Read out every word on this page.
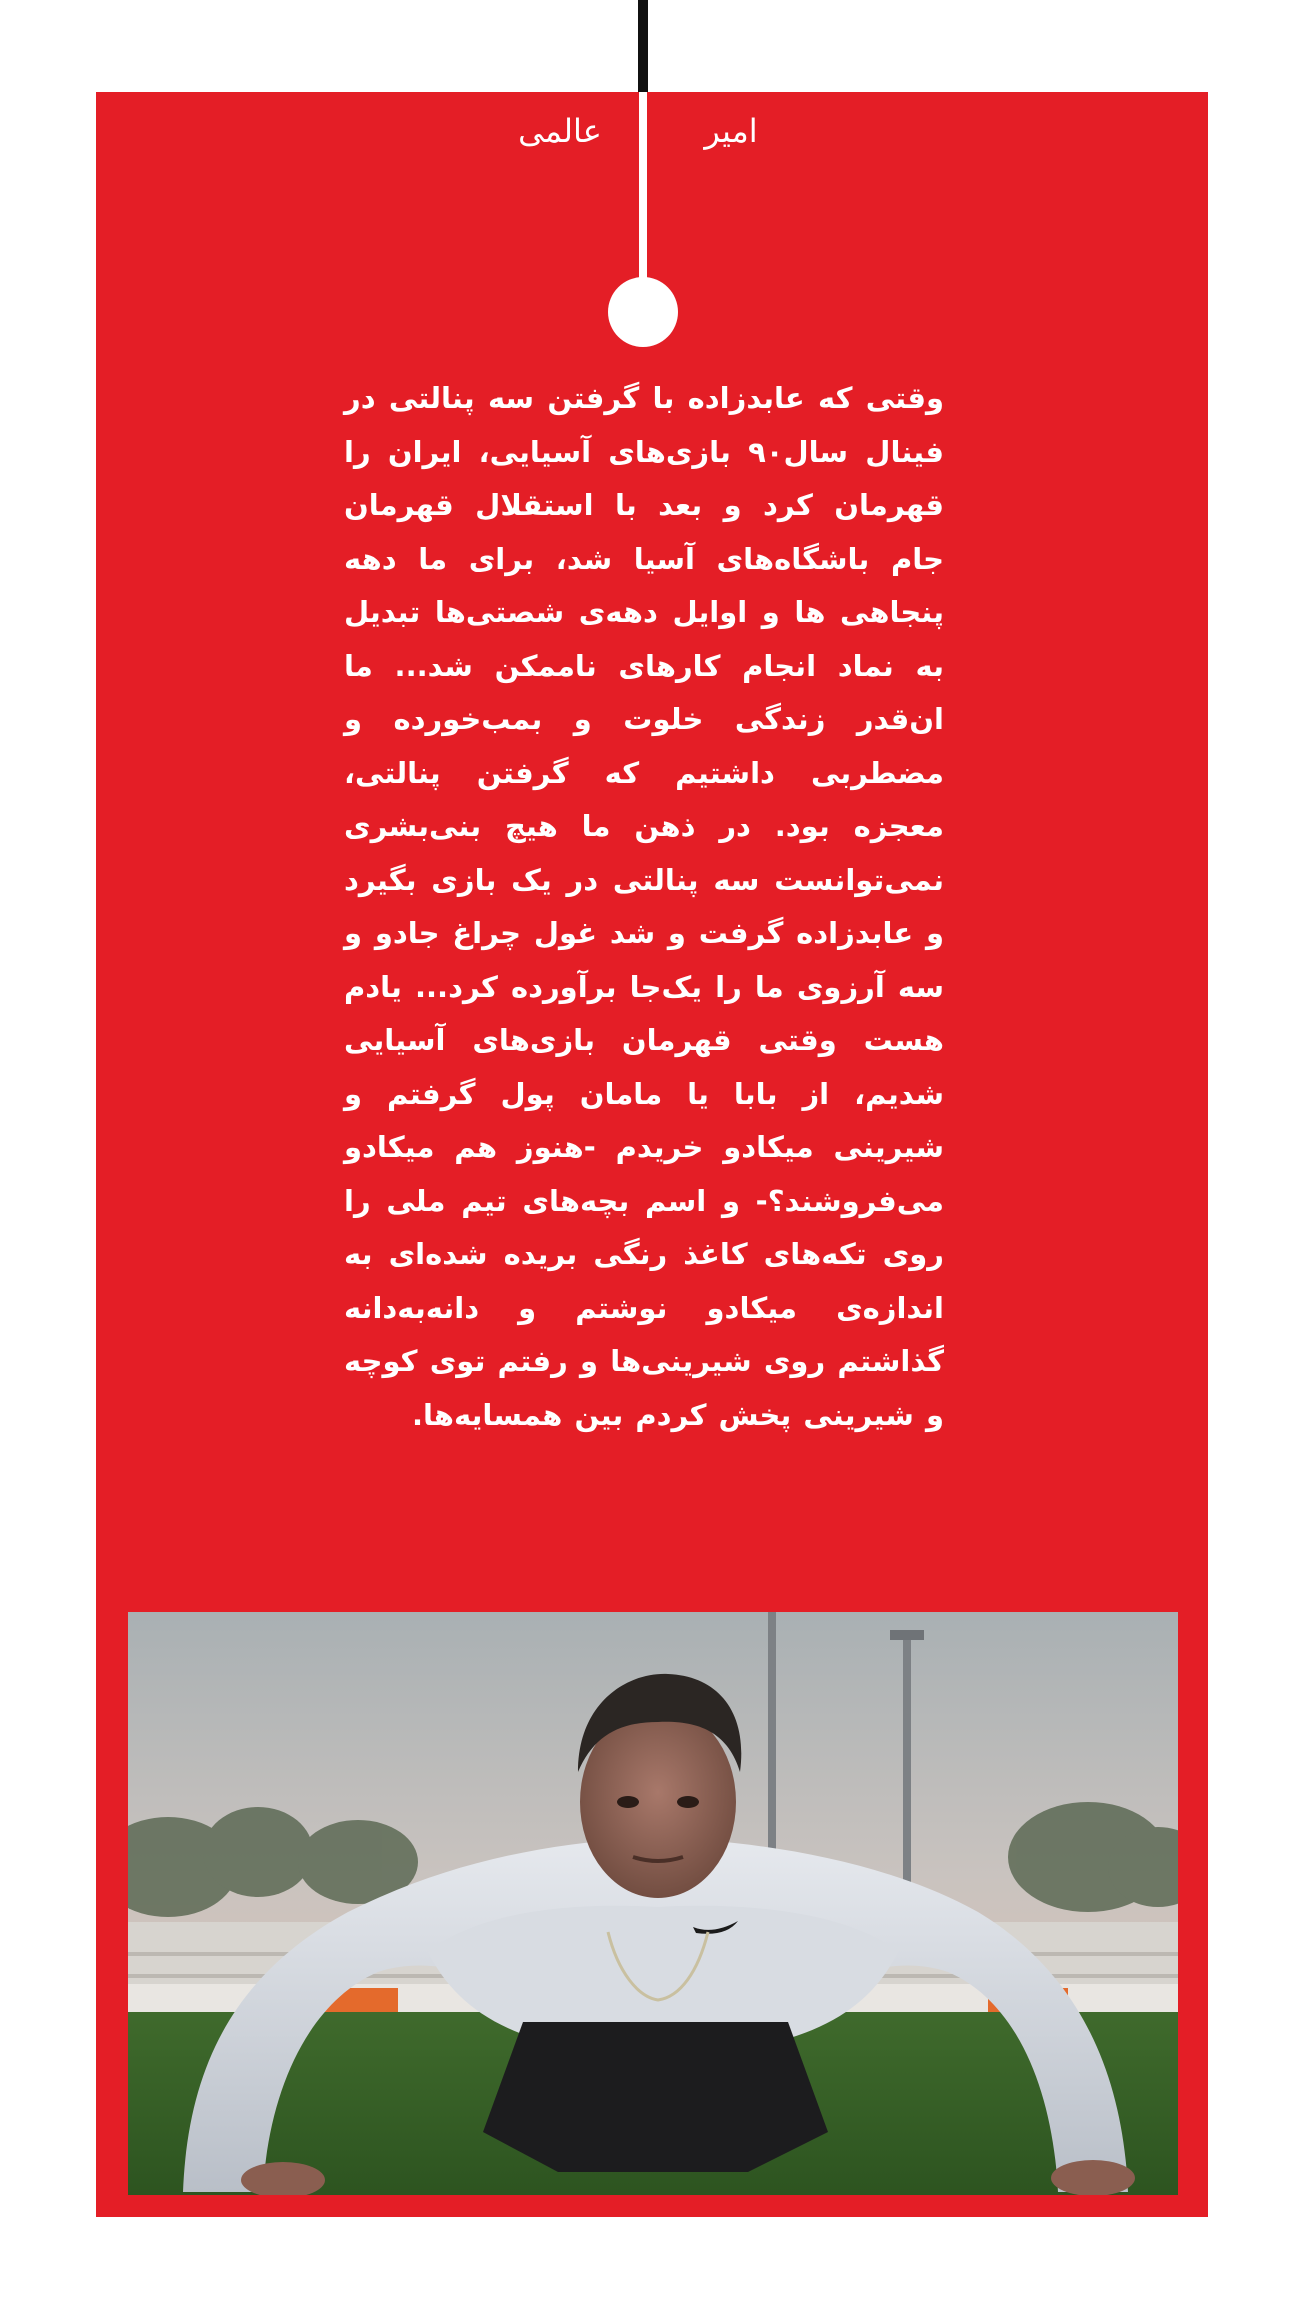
امیر
عالمی

وقتی که عابدزاده با گرفتن سه پنالتی در فینال سال۹۰ بازی‌های آسیایی، ایران را قهرمان کرد و بعد با استقلال قهرمان جام باشگاه‌های آسیا شد، برای ما دهه پنجاهی ها و اوایل دهه‌ی شصتی‌ها تبدیل به نماد انجام کارهای ناممکن شد... ما ان‌قدر زندگی خلوت و بمب‌خورده و مضطربی داشتیم که گرفتن پنالتی، معجزه بود. در ذهن ما هیچ بنی‌بشری نمی‌توانست سه پنالتی در یک بازی بگیرد و عابدزاده گرفت و شد غول چراغ جادو و سه آرزوی ما را یک‌جا برآورده کرد... یادم هست وقتی قهرمان بازی‌های آسیایی شدیم، از بابا یا مامان پول گرفتم و شیرینی میکادو خریدم -هنوز هم میکادو می‌فروشند؟- و اسم بچه‌های تیم ملی را روی تکه‌های کاغذ رنگی بریده شده‌ای به اندازه‌ی میکادو نوشتم و دانه‌به‌دانه گذاشتم روی شیرینی‌ها و رفتم توی کوچه و شیرینی پخش کردم بین همسایه‌ها.
